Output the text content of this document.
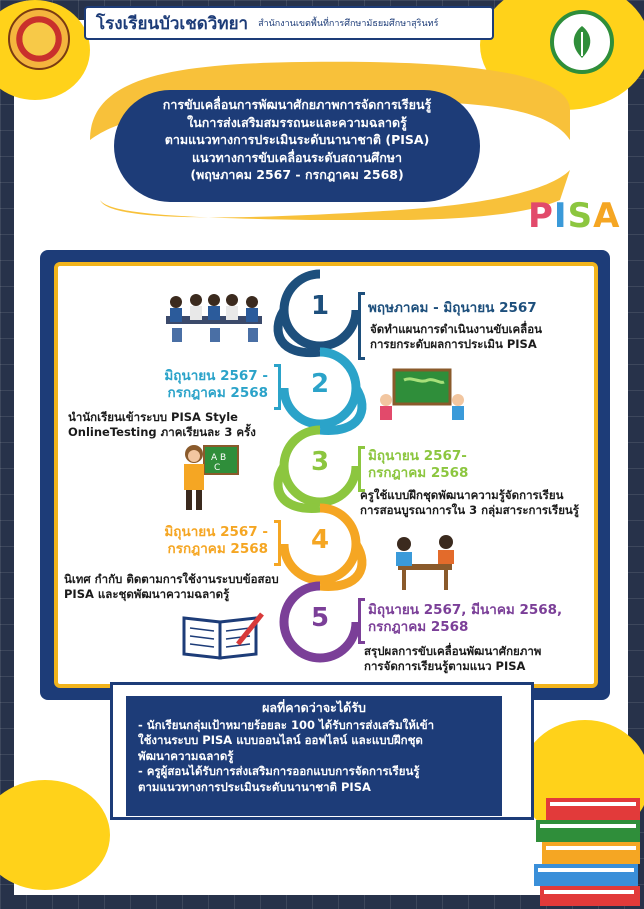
โรงเรียนบัวเชดวิทยา สำนักงานเขตพื้นที่การศึกษามัธยมศึกษาสุรินทร์
การขับเคลื่อนการพัฒนาศักยภาพการจัดการเรียนรู้
ในการส่งเสริมสมรรถนะและความฉลาดรู้
ตามแนวทางการประเมินระดับนานาชาติ (PISA)
แนวทางการขับเคลื่อนระดับสถานศึกษา
(พฤษภาคม 2567 - กรกฎาคม 2568)
PISA
1
2
3
4
5
พฤษภาคม - มิถุนายน 2567
จัดทำแผนการดำเนินงานขับเคลื่อน
การยกระดับผลการประเมิน PISA
มิถุนายน 2567 -
กรกฎาคม 2568
นำนักเรียนเข้าระบบ PISA Style
OnlineTesting ภาคเรียนละ 3 ครั้ง
มิถุนายน 2567-
กรกฎาคม 2568
ครูใช้แบบฝึกชุดพัฒนาความรู้จัดการเรียน
การสอนบูรณาการใน 3 กลุ่มสาระการเรียนรู้
มิถุนายน 2567 -
กรกฎาคม 2568
นิเทศ กำกับ ติดตามการใช้งานระบบข้อสอบ
PISA และชุดพัฒนาความฉลาดรู้
มิถุนายน 2567, มีนาคม 2568,
กรกฎาคม 2568
สรุปผลการขับเคลื่อนพัฒนาศักยภาพ
การจัดการเรียนรู้ตามแนว PISA
A B
C
ผลที่คาดว่าจะได้รับ
- นักเรียนกลุ่มเป้าหมายร้อยละ 100 ได้รับการส่งเสริมให้เข้า
ใช้งานระบบ PISA แบบออนไลน์ ออฟไลน์ และแบบฝึกชุด
พัฒนาความฉลาดรู้
- ครูผู้สอนได้รับการส่งเสริมการออกแบบการจัดการเรียนรู้
ตามแนวทางการประเมินระดับนานาชาติ PISA
